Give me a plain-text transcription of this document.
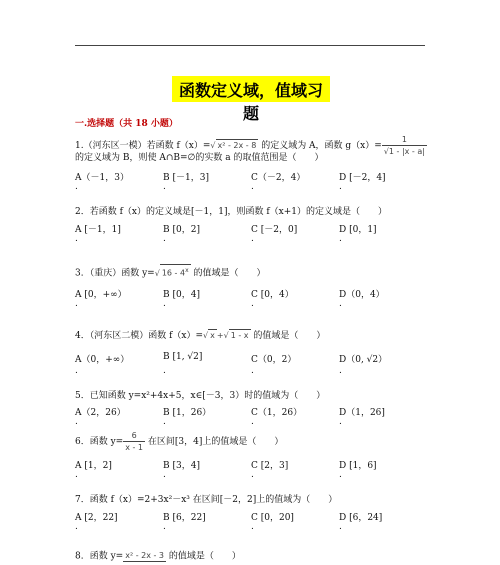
函数定义域，值域习题
一.选择题（共 18 小题）
1.（河东区一模）若函数 f（x）=√ x² - 2x - 8 的定义域为 A，函数 $g(x)= \frac{1}{√1 - |x - a|}$
的定义域为 B，则使 A∩B=∅的实数 a 的取值范围是（　　）
A（－1，3）	B [－1，3]	C（－2，4）	D [－2，4]
.	.	.	.
2．若函数 f（x）的定义域是[－1，1]，则函数 f（x+1）的定义域是（　　）
A [－1，1]	B [0，2]	C [－2，0]	D [0，1]
.	.	.	.
3．（重庆）函数 y=√ 16 - 4$^x$ 的值域是（　　）
A [0，+∞）	B [0，4]	C [0，4）	D（0，4）
.	.	.	.
4．（河东区二模）函数 f（x）=√ x +√ 1 - x 的值域是（　　）
A（0，+∞）	B [1, √2]	C（0，2）	D（0, √2）
.	.	.	.
5．已知函数 y=x²+4x+5，x∈[－3，3）时的值域为（　　）
A（2，26）	B [1，26）	C（1，26）	D（1，26]
.	.	.	.
6．函数 $y= \frac{6}{x - 1}$ 在区间[3，4]上的值域是（　　）
A [1，2]	B [3，4]	C [2，3]	D [1，6]
.	.	.	.
7．函数 f（x）=2+3x²－x³ 在区间[－2，2]上的值域为（　　）
A [2，22]	B [6，22]	C [0，20]	D [6，24]
.	.	.	.
8．函数 y= x² - 2x - 3 的值域是（　　）
